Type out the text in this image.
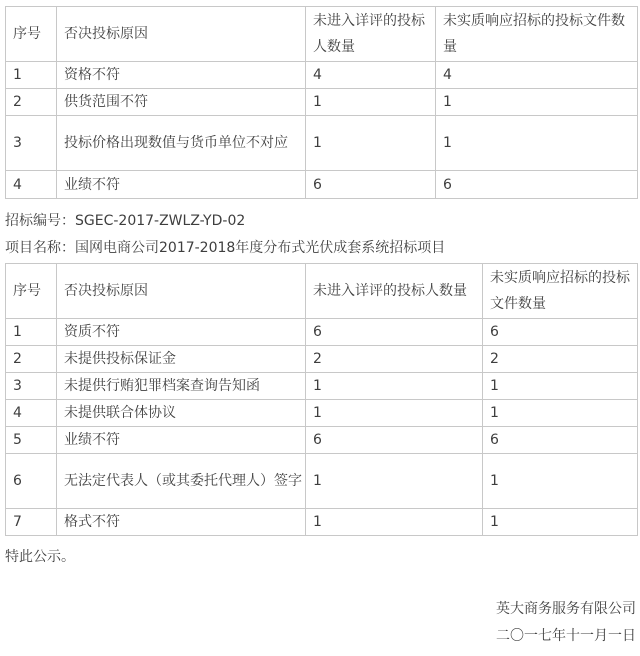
序号	否决投标原因	未进入详评的投标人数量	未实质响应招标的投标文件数量
1	资格不符	4	4
2	供货范围不符	1	1
3	投标价格出现数值与货币单位不对应	1	1
4	业绩不符	6	6
招标编号：SGEC-2017-ZWLZ-YD-02
项目名称：国网电商公司2017-2018年度分布式光伏成套系统招标项目
序号	否决投标原因	未进入详评的投标人数量	未实质响应招标的投标文件数量
1	资质不符	6	6
2	未提供投标保证金	2	2
3	未提供行贿犯罪档案查询告知函	1	1
4	未提供联合体协议	1	1
5	业绩不符	6	6
6	无法定代表人（或其委托代理人）签字	1	1
7	格式不符	1	1
特此公示。
英大商务服务有限公司
二〇一七年十一月一日
